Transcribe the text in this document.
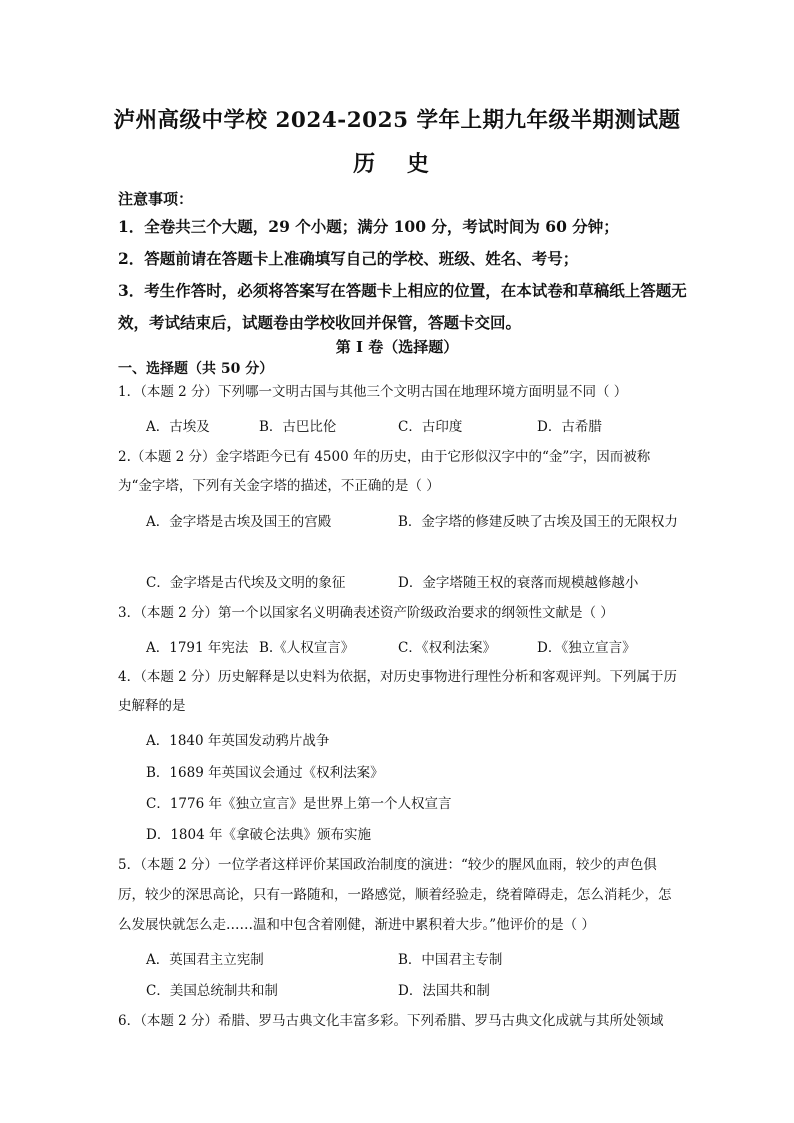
泸州高级中学校 2024-2025 学年上期九年级半期测试题
历 史
注意事项：
1．全卷共三个大题，29 个小题；满分 100 分，考试时间为 60 分钟；
2．答题前请在答题卡上准确填写自己的学校、班级、姓名、考号；
3．考生作答时，必须将答案写在答题卡上相应的位置，在本试卷和草稿纸上答题无效，考试结束后，试题卷由学校收回并保管，答题卡交回。
第 I 卷（选择题）
一、选择题（共 50 分）
1．（本题 2 分）下列哪一文明古国与其他三个文明古国在地理环境方面明显不同（ ）
A．古埃及	B．古巴比伦	C．古印度	D．古希腊
2.（本题 2 分）金字塔距今已有 4500 年的历史，由于它形似汉字中的“金”字，因而被称为“金字塔，下列有关金字塔的描述，不正确的是（ ）
A．金字塔是古埃及国王的宫殿	B．金字塔的修建反映了古埃及国王的无限权力
C．金字塔是古代埃及文明的象征	D．金字塔随王权的衰落而规模越修越小
3．（本题 2 分）第一个以国家名义明确表述资产阶级政治要求的纲领性文献是（ ）
A．1791 年宪法 B.《人权宣言》	C．《权利法案》	D．《独立宣言》
4．（本题 2 分）历史解释是以史料为依据，对历史事物进行理性分析和客观评判。下列属于历史解释的是
A．1840 年英国发动鸦片战争
B．1689 年英国议会通过《权利法案》
C．1776 年《独立宣言》是世界上第一个人权宣言
D．1804 年《拿破仑法典》颁布实施
5．（本题 2 分）一位学者这样评价某国政治制度的演进：“较少的腥风血雨，较少的声色俱厉，较少的深思高论，只有一路随和，一路感觉，顺着经验走，绕着障碍走，怎么消耗少，怎么发展快就怎么走……温和中包含着刚健，渐进中累积着大步。”他评价的是（ ）
A．英国君主立宪制	B．中国君主专制
C．美国总统制共和制	D．法国共和制
6．（本题 2 分）希腊、罗马古典文化丰富多彩。下列希腊、罗马古典文化成就与其所处领域
